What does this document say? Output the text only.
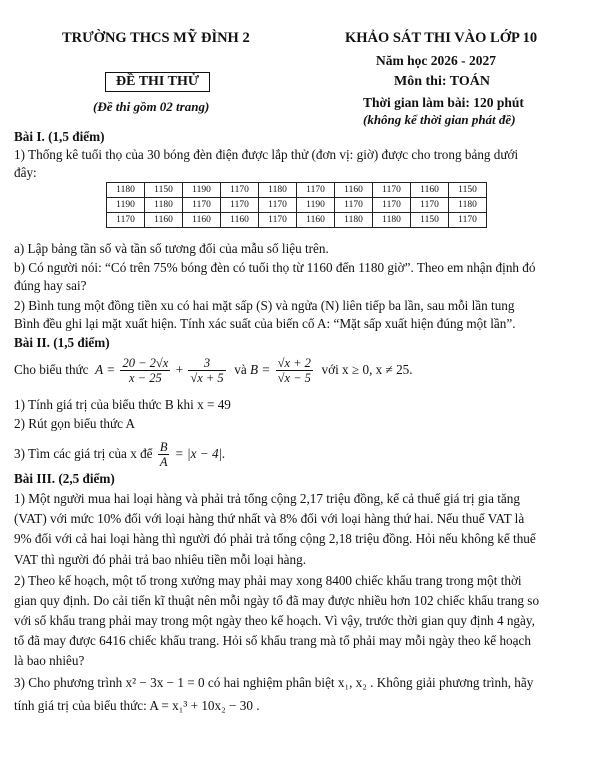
TRƯỜNG THCS MỸ ĐÌNH 2	KHẢO SÁT THI VÀO LỚP 10
Năm học 2026 - 2027
Môn thi: TOÁN
ĐỀ THI THỬ
(Đề thi gồm 02 trang)	Thời gian làm bài: 120 phút
(không kể thời gian phát đề)
Bài I. (1,5 điểm)
1) Thống kê tuổi thọ của 30 bóng đèn điện được lắp thử (đơn vị: giờ) được cho trong bảng dưới
đây:
1180	1150	1190	1170	1180	1170	1160	1170	1160	1150
1190	1180	1170	1170	1170	1190	1170	1170	1170	1180
1170	1160	1160	1160	1170	1160	1180	1180	1150	1170
a) Lập bảng tần số và tần số tương đối của mẫu số liệu trên.
b) Có người nói: “Có trên 75% bóng đèn có tuổi thọ từ 1160 đến 1180 giờ”. Theo em nhận định đó
đúng hay sai?
2) Bình tung một đồng tiền xu có hai mặt sấp (S) và ngửa (N) liên tiếp ba lần, sau mỗi lần tung
Bình đều ghi lại mặt xuất hiện. Tính xác suất của biến cố A: “Mặt sấp xuất hiện đúng một lần”.
Bài II. (1,5 điểm)
Cho biểu thức $A = \frac{20 - 2√x}{x - 25} + \frac{3}{√x + 5}$ và $B = \frac{√x + 2}{√x - 5}$ với x ≥ 0, x ≠ 25.
1) Tính giá trị của biểu thức B khi x = 49
2) Rút gọn biểu thức A
3) Tìm các giá trị của x để $\frac{B}{A} = |x - 4|$.
Bài III. (2,5 điểm)
1) Một người mua hai loại hàng và phải trả tổng cộng 2,17 triệu đồng, kể cả thuế giá trị gia tăng
(VAT) với mức 10% đối với loại hàng thứ nhất và 8% đối với loại hàng thứ hai. Nếu thuế VAT là
9% đối với cả hai loại hàng thì người đó phải trả tổng cộng 2,18 triệu đồng. Hỏi nếu không kể thuế
VAT thì người đó phải trả bao nhiêu tiền mỗi loại hàng.
2) Theo kế hoạch, một tổ trong xưởng may phải may xong 8400 chiếc khẩu trang trong một thời
gian quy định. Do cải tiến kĩ thuật nên mỗi ngày tổ đã may được nhiều hơn 102 chiếc khẩu trang so
với số khẩu trang phải may trong một ngày theo kế hoạch. Vì vậy, trước thời gian quy định 4 ngày,
tổ đã may được 6416 chiếc khẩu trang. Hỏi số khẩu trang mà tổ phải may mỗi ngày theo kế hoạch
là bao nhiêu?
3) Cho phương trình x² − 3x − 1 = 0 có hai nghiệm phân biệt x₁, x₂ . Không giải phương trình, hãy
tính giá trị của biểu thức: A = x₁³ + 10x₂ − 30 .
